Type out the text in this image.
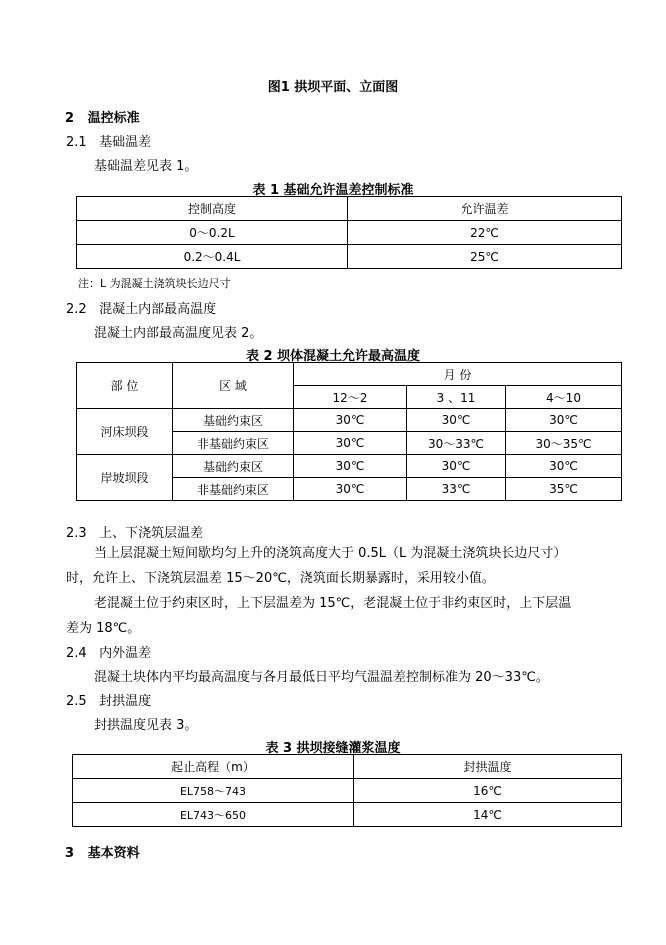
图1 拱坝平面、立面图
2 温控标准
2.1 基础温差
基础温差见表 1。
表 1 基础允许温差控制标准
控制高度	允许温差
0～0.2L	22℃
0.2～0.4L	25℃
注：L 为混凝土浇筑块长边尺寸
2.2 混凝土内部最高温度
混凝土内部最高温度见表 2。
表 2 坝体混凝土允许最高温度
部 位	区 域	月 份		
		12～2	3 、11	4～10
河床坝段	基础约束区	30℃	30℃	30℃
	非基础约束区	30℃	30～33℃	30～35℃
岸坡坝段	基础约束区	30℃	30℃	30℃
	非基础约束区	30℃	33℃	35℃
2.3 上、下浇筑层温差
当上层混凝土短间歇均匀上升的浇筑高度大于 0.5L（L 为混凝土浇筑块长边尺寸）
时，允许上、下浇筑层温差 15～20℃，浇筑面长期暴露时，采用较小值。
老混凝土位于约束区时，上下层温差为 15℃，老混凝土位于非约束区时，上下层温
差为 18℃。
2.4 内外温差
混凝土块体内平均最高温度与各月最低日平均气温温差控制标准为 20～33℃。
2.5 封拱温度
封拱温度见表 3。
表 3 拱坝接缝灌浆温度
起止高程（m）	封拱温度
EL758～743	16℃
EL743～650	14℃
3 基本资料
